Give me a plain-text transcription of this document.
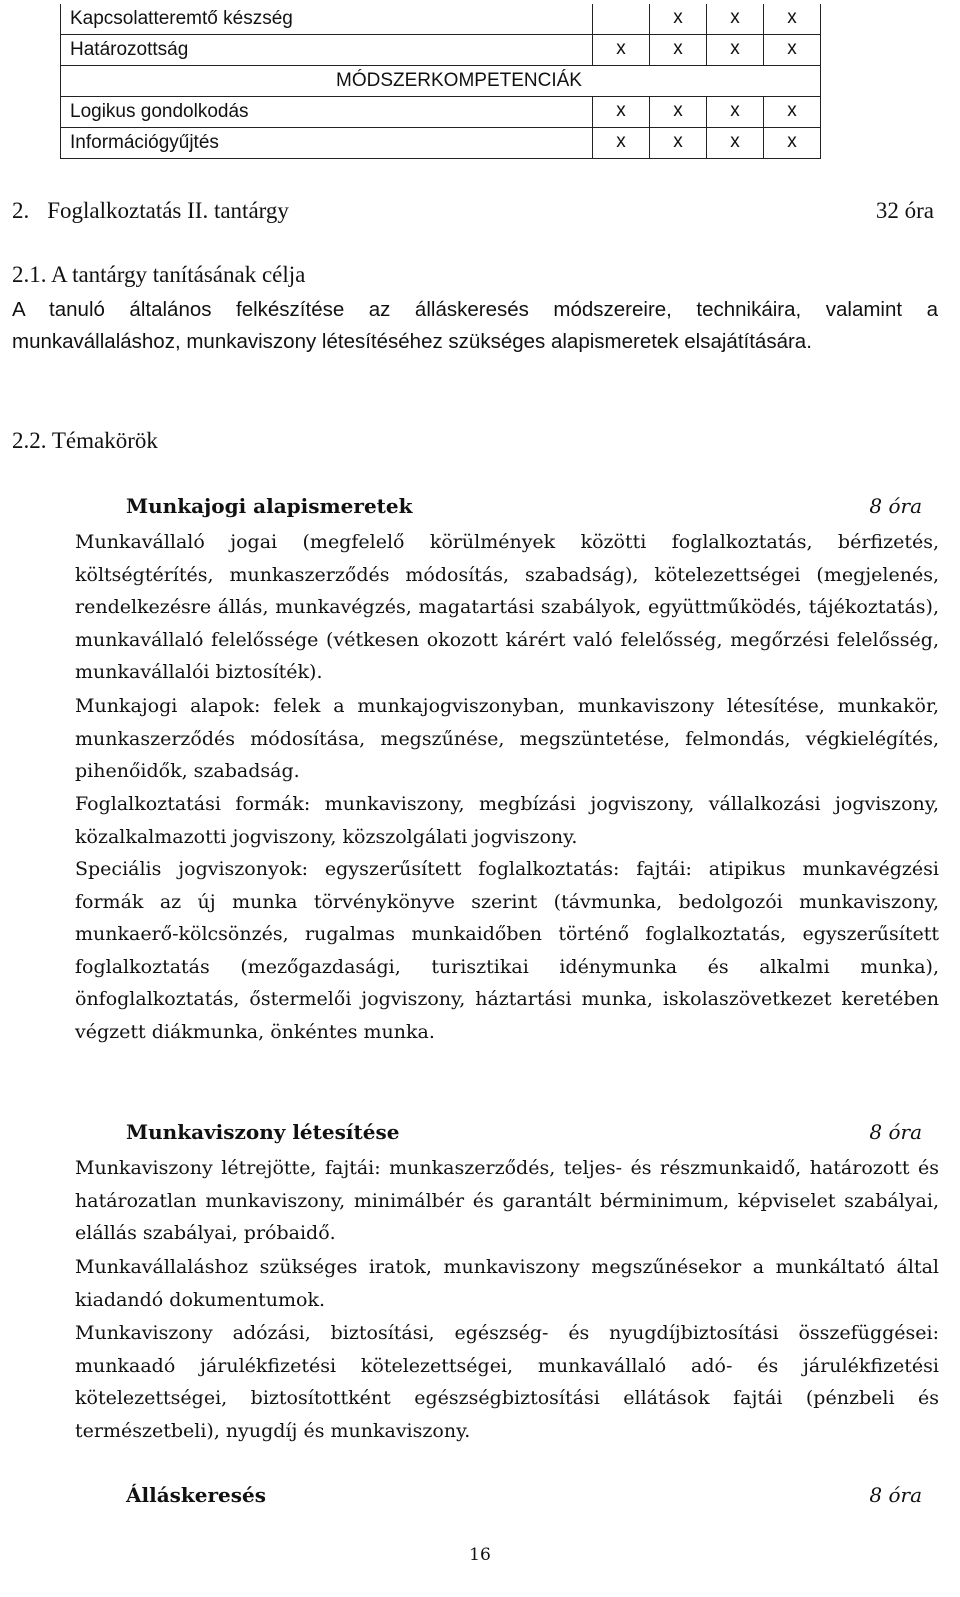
Kapcsolatteremtő készség		x	x	x
Határozottság	x	x	x	x
MÓDSZERKOMPETENCIÁK				
Logikus gondolkodás	x	x	x	x
Információgyűjtés	x	x	x	x
2. Foglalkoztatás II. tantárgy	32 óra
2.1. A tantárgy tanításának célja

A tanuló általános felkészítése az álláskeresés módszereire, technikáira, valamint a munkavállaláshoz, munkaviszony létesítéséhez szükséges alapismeretek elsajátítására.

2.2. Témakörök
Munkajogi alapismeretek	8 óra

Munkavállaló jogai (megfelelő körülmények közötti foglalkoztatás, bérfizetés, költségtérítés, munkaszerződés módosítás, szabadság), kötelezettségei (megjelenés, rendelkezésre állás, munkavégzés, magatartási szabályok, együttműködés, tájékoztatás), munkavállaló felelőssége (vétkesen okozott kárért való felelősség, megőrzési felelősség, munkavállalói biztosíték).

Munkajogi alapok: felek a munkajogviszonyban, munkaviszony létesítése, munkakör, munkaszerződés módosítása, megszűnése, megszüntetése, felmondás, végkielégítés, pihenőidők, szabadság.

Foglalkoztatási formák: munkaviszony, megbízási jogviszony, vállalkozási jogviszony, közalkalmazotti jogviszony, közszolgálati jogviszony.

Speciális jogviszonyok: egyszerűsített foglalkoztatás: fajtái: atipikus munkavégzési formák az új munka törvénykönyve szerint (távmunka, bedolgozói munkaviszony, munkaerő-kölcsönzés, rugalmas munkaidőben történő foglalkoztatás, egyszerűsített foglalkoztatás (mezőgazdasági, turisztikai idénymunka és alkalmi munka), önfoglalkoztatás, őstermelői jogviszony, háztartási munka, iskolaszövetkezet keretében végzett diákmunka, önkéntes munka.

Munkaviszony létesítése	8 óra

Munkaviszony létrejötte, fajtái: munkaszerződés, teljes- és részmunkaidő, határozott és határozatlan munkaviszony, minimálbér és garantált bérminimum, képviselet szabályai, elállás szabályai, próbaidő.

Munkavállaláshoz szükséges iratok, munkaviszony megszűnésekor a munkáltató által kiadandó dokumentumok.

Munkaviszony adózási, biztosítási, egészség- és nyugdíjbiztosítási összefüggései: munkaadó járulékfizetési kötelezettségei, munkavállaló adó- és járulékfizetési kötelezettségei, biztosítottként egészségbiztosítási ellátások fajtái (pénzbeli és természetbeli), nyugdíj és munkaviszony.

Álláskeresés	8 óra
16
